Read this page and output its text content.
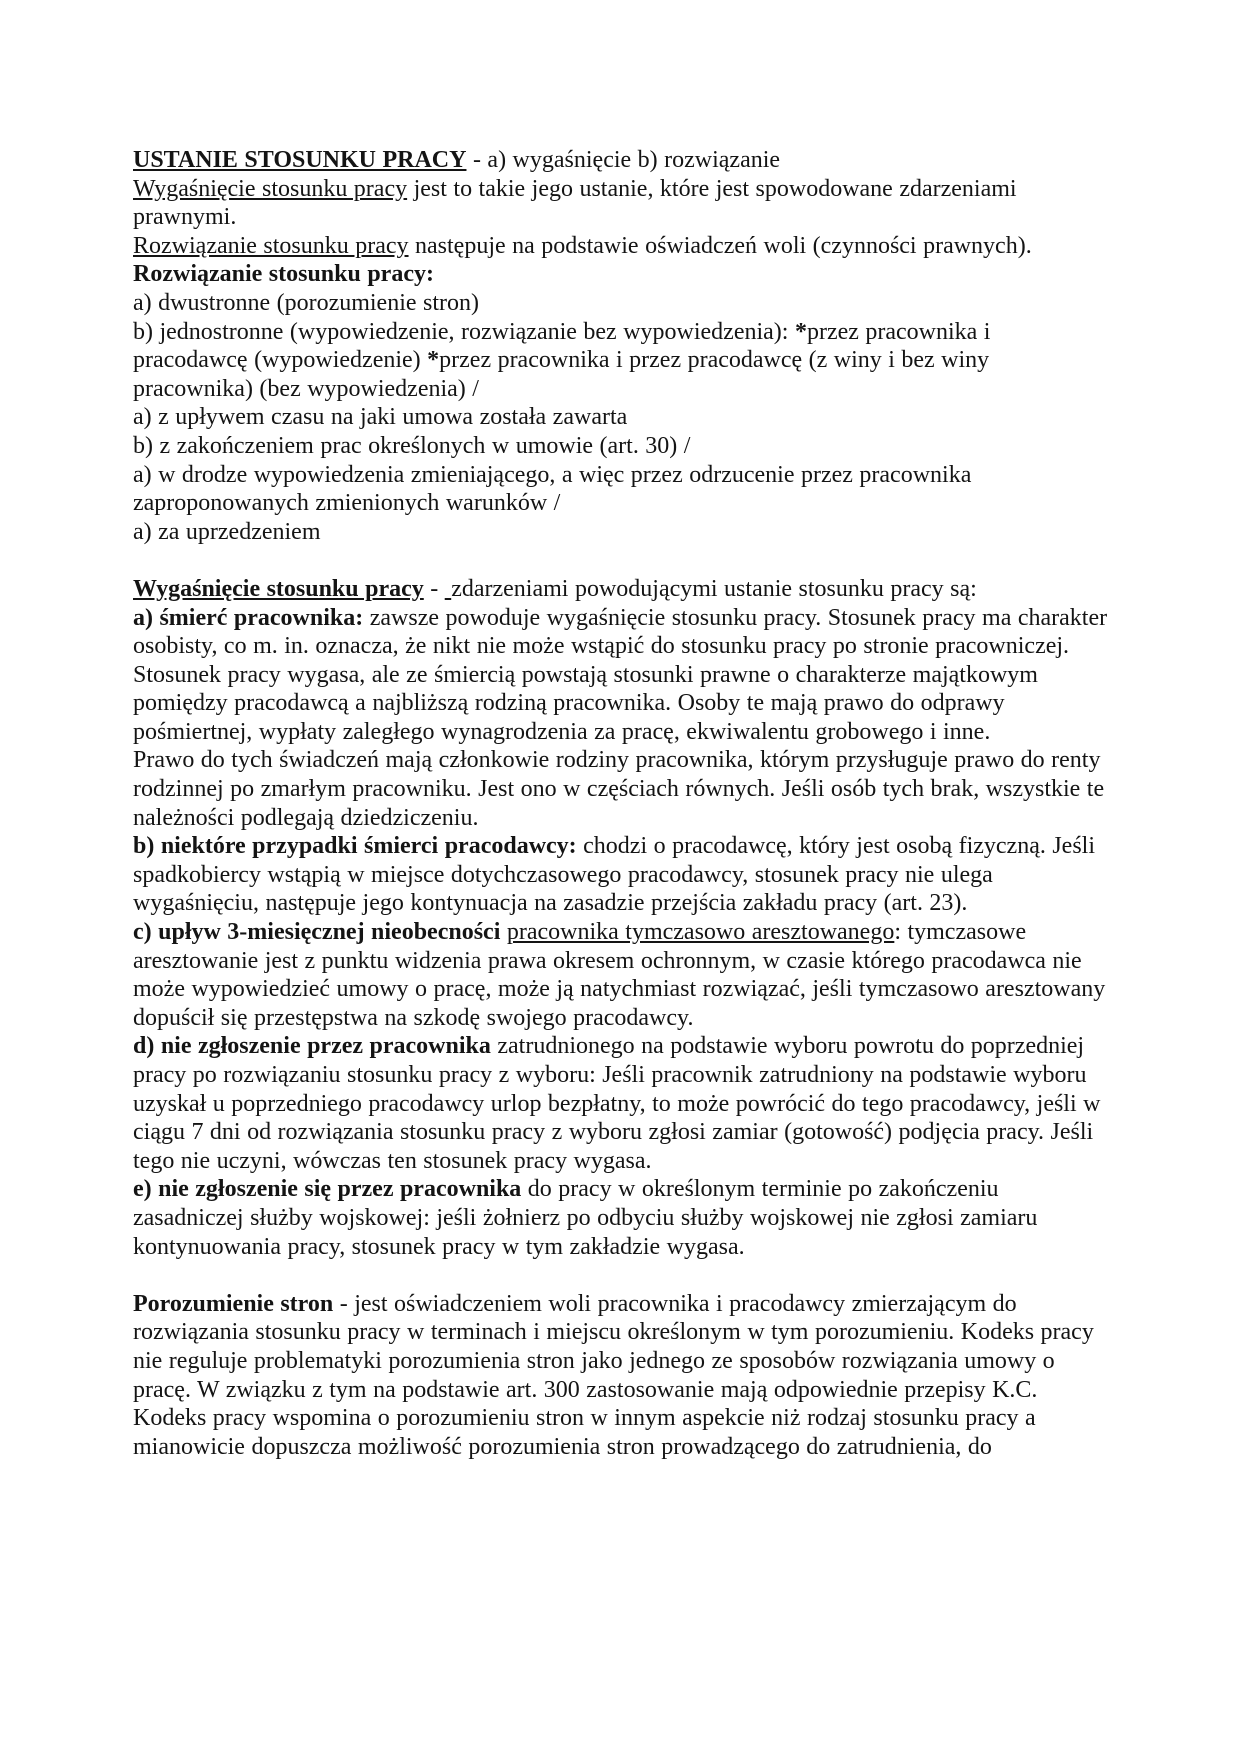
USTANIE STOSUNKU PRACY - a) wygaśnięcie b) rozwiązanie

Wygaśnięcie stosunku pracy jest to takie jego ustanie, które jest spowodowane zdarzeniami prawnymi.

Rozwiązanie stosunku pracy następuje na podstawie oświadczeń woli (czynności prawnych).

Rozwiązanie stosunku pracy:

a) dwustronne (porozumienie stron)

b) jednostronne (wypowiedzenie, rozwiązanie bez wypowiedzenia): *przez pracownika i pracodawcę (wypowiedzenie) *przez pracownika i przez pracodawcę (z winy i bez winy pracownika) (bez wypowiedzenia) /

a) z upływem czasu na jaki umowa została zawarta

b) z zakończeniem prac określonych w umowie (art. 30) /

a) w drodze wypowiedzenia zmieniającego, a więc przez odrzucenie przez pracownika zaproponowanych zmienionych warunków /

a) za uprzedzeniem

Wygaśnięcie stosunku pracy -  zdarzeniami powodującymi ustanie stosunku pracy są:

a) śmierć pracownika: zawsze powoduje wygaśnięcie stosunku pracy. Stosunek pracy ma charakter osobisty, co m. in. oznacza, że nikt nie może wstąpić do stosunku pracy po stronie pracowniczej. Stosunek pracy wygasa, ale ze śmiercią powstają stosunki prawne o charakterze majątkowym pomiędzy pracodawcą a najbliższą rodziną pracownika. Osoby te mają prawo do odprawy pośmiertnej, wypłaty zaległego wynagrodzenia za pracę, ekwiwalentu grobowego i inne.

Prawo do tych świadczeń mają członkowie rodziny pracownika, którym przysługuje prawo do renty rodzinnej po zmarłym pracowniku. Jest ono w częściach równych. Jeśli osób tych brak, wszystkie te należności podlegają dziedziczeniu.

b) niektóre przypadki śmierci pracodawcy: chodzi o pracodawcę, który jest osobą fizyczną. Jeśli spadkobiercy wstąpią w miejsce dotychczasowego pracodawcy, stosunek pracy nie ulega wygaśnięciu, następuje jego kontynuacja na zasadzie przejścia zakładu pracy (art. 23).

c) upływ 3-miesięcznej nieobecności pracownika tymczasowo aresztowanego: tymczasowe aresztowanie jest z punktu widzenia prawa okresem ochronnym, w czasie którego pracodawca nie może wypowiedzieć umowy o pracę, może ją natychmiast rozwiązać, jeśli tymczasowo aresztowany dopuścił się przestępstwa na szkodę swojego pracodawcy.

d) nie zgłoszenie przez pracownika zatrudnionego na podstawie wyboru powrotu do poprzedniej pracy po rozwiązaniu stosunku pracy z wyboru: Jeśli pracownik zatrudniony na podstawie wyboru uzyskał u poprzedniego pracodawcy urlop bezpłatny, to może powrócić do tego pracodawcy, jeśli w ciągu 7 dni od rozwiązania stosunku pracy z wyboru zgłosi zamiar (gotowość) podjęcia pracy. Jeśli tego nie uczyni, wówczas ten stosunek pracy wygasa.

e) nie zgłoszenie się przez pracownika do pracy w określonym terminie po zakończeniu zasadniczej służby wojskowej: jeśli żołnierz po odbyciu służby wojskowej nie zgłosi zamiaru kontynuowania pracy, stosunek pracy w tym zakładzie wygasa.

Porozumienie stron - jest oświadczeniem woli pracownika i pracodawcy zmierzającym do rozwiązania stosunku pracy w terminach i miejscu określonym w tym porozumieniu. Kodeks pracy nie reguluje problematyki porozumienia stron jako jednego ze sposobów rozwiązania umowy o pracę. W związku z tym na podstawie art. 300 zastosowanie mają odpowiednie przepisy K.C.

Kodeks pracy wspomina o porozumieniu stron w innym aspekcie niż rodzaj stosunku pracy a mianowicie dopuszcza możliwość porozumienia stron prowadzącego do zatrudnienia, do
